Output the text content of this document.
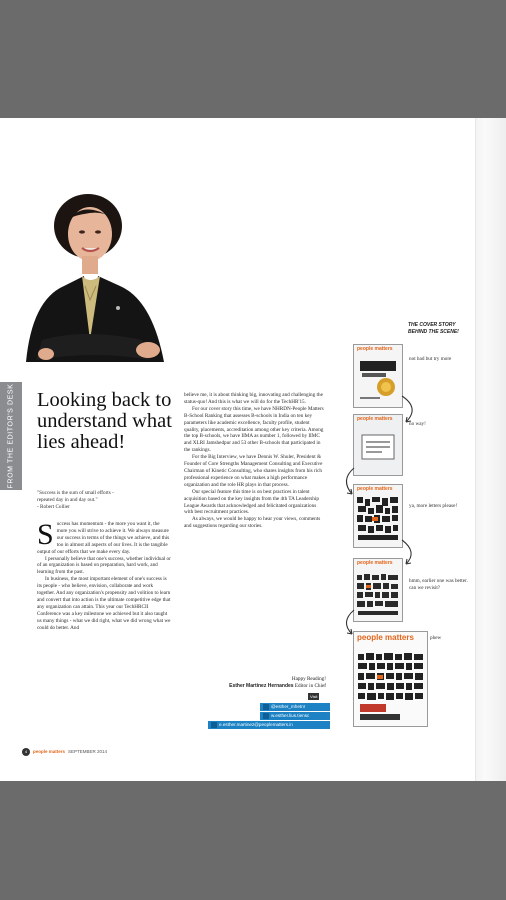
FROM THE EDITOR'S DESK Looking back to understand what lies ahead!
"Success is the sum of small efforts -
repeated day in and day out."
- Robert Collier
S uccess has momentum - the more you want it, the more you will strive to achieve it. We always measure our success in terms of the things we achieve, and this too in almost all aspects of our lives. It is the tangible output of our efforts that we make every day.

I personally believe that one's success, whether individual or of an organization is based on preparation, hard work, and learning from the past.

In business, the most important element of one's success is its people - who believe, envision, collaborate and work together. And any organization's propensity and volition to learn and convert that into action is the ultimate competitive edge that any organization can attain. This year our TechHRCII Conference was a key milestone we achieved but it also taught us many things - what we did right, what we did wrong what we could do better. And

believe me, it is about thinking big, innovating and challenging the status-quo! And this is what we will do for the TechHR'15.

For our cover story this time, we have NHRDN-People Matters B-School Ranking that assesses B-schools in India on ten key parameters like academic excellence, faculty profile, student quality, placements, accreditation among other key criteria. Among the top B-schools, we have IIMA as number 1, followed by IIMC and XLRI Jamshedpur and 53 other B-schools that participated in the rankings.

For the Big Interview, we have Dennis W. Shuler, President & Founder of Core Strengths Management Consulting and Executive Chairman of Kinetic Consulting, who shares insights from his rich professional experience on what makes a high performance organization and the role HR plays in that process.

Our special feature this time is on best practices in talent acquisition based on the key insights from the 4th TA Leadership League Awards that acknowledged and felicitated organizations with best recruitment practices.

As always, we would be happy to hear your views, comments and suggestions regarding our stories.

Happy Reading!
Esther Martinez Hernandes Editor in Chief
Visit
@esther_mhetnr
w.esther.lius.tiensc
e.esther.martinez@peoplematters.in
THE COVER STORY BEHIND THE SCENE!
people matters
people matters
people matters
people matters
people matters
not bad but try more
no way!
ya, more letters please!
hmm, earlier one was better. can we revisit?
phew
4 people matters SEPTEMBER 2014
